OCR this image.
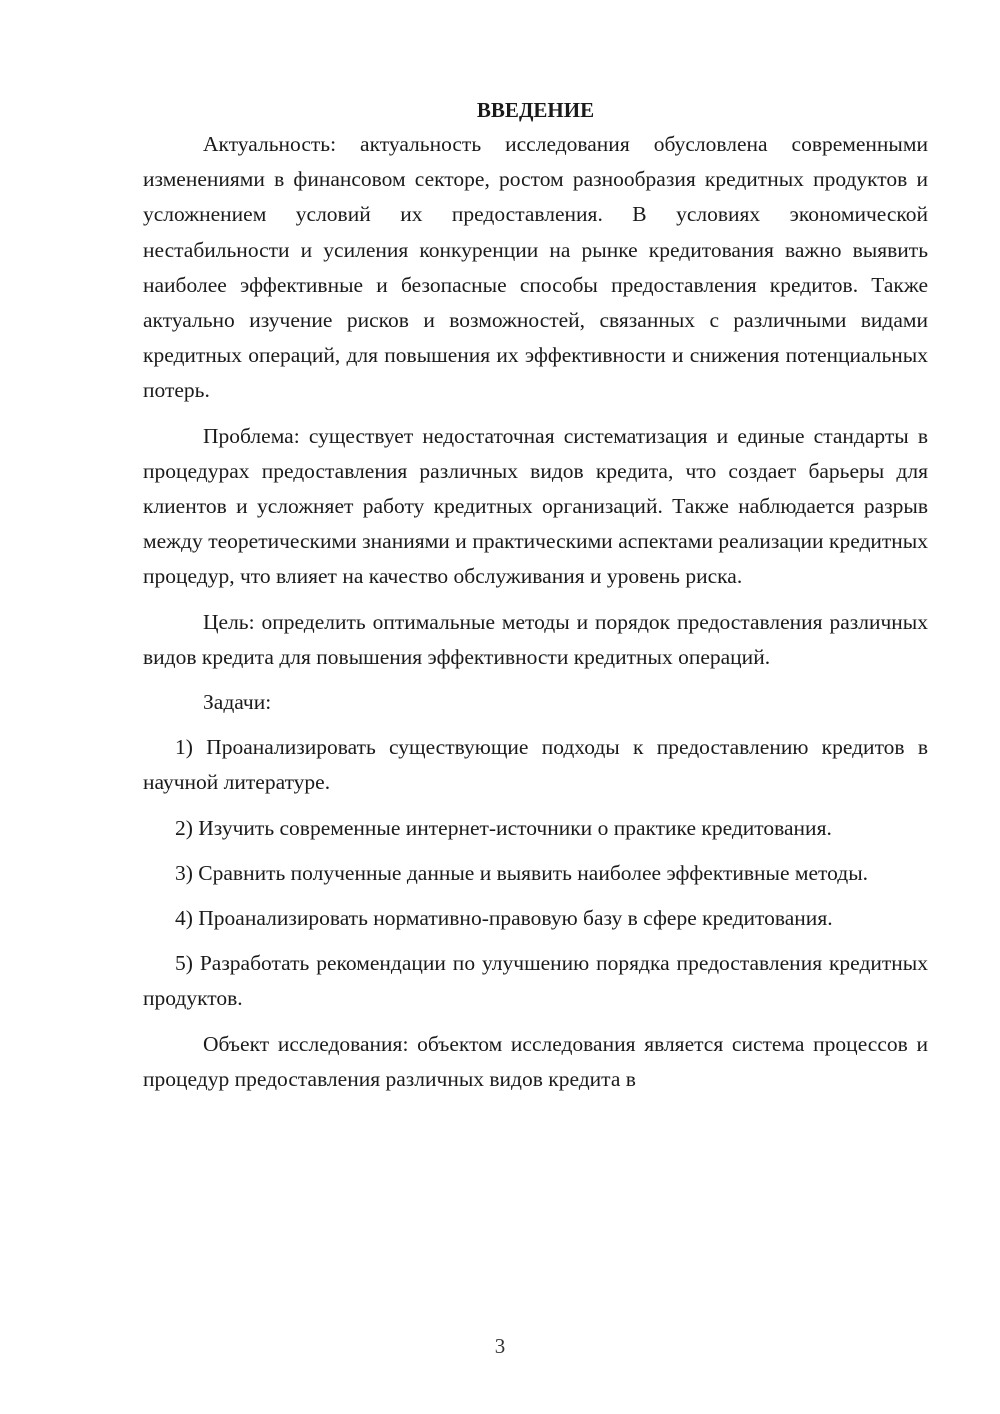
ВВЕДЕНИЕ

Актуальность: актуальность исследования обусловлена современными изменениями в финансовом секторе, ростом разнообразия кредитных продуктов и усложнением условий их предоставления. В условиях экономической нестабильности и усиления конкуренции на рынке кредитования важно выявить наиболее эффективные и безопасные способы предоставления кредитов. Также актуально изучение рисков и возможностей, связанных с различными видами кредитных операций, для повышения их эффективности и снижения потенциальных потерь.

Проблема: существует недостаточная систематизация и единые стандарты в процедурах предоставления различных видов кредита, что создает барьеры для клиентов и усложняет работу кредитных организаций. Также наблюдается разрыв между теоретическими знаниями и практическими аспектами реализации кредитных процедур, что влияет на качество обслуживания и уровень риска.

Цель: определить оптимальные методы и порядок предоставления различных видов кредита для повышения эффективности кредитных операций.

Задачи:

1) Проанализировать существующие подходы к предоставлению кредитов в научной литературе.

2) Изучить современные интернет-источники о практике кредитования.

3) Сравнить полученные данные и выявить наиболее эффективные методы.

4) Проанализировать нормативно-правовую базу в сфере кредитования.

5) Разработать рекомендации по улучшению порядка предоставления кредитных продуктов.

Объект исследования: объектом исследования является система процессов и процедур предоставления различных видов кредита в

3
